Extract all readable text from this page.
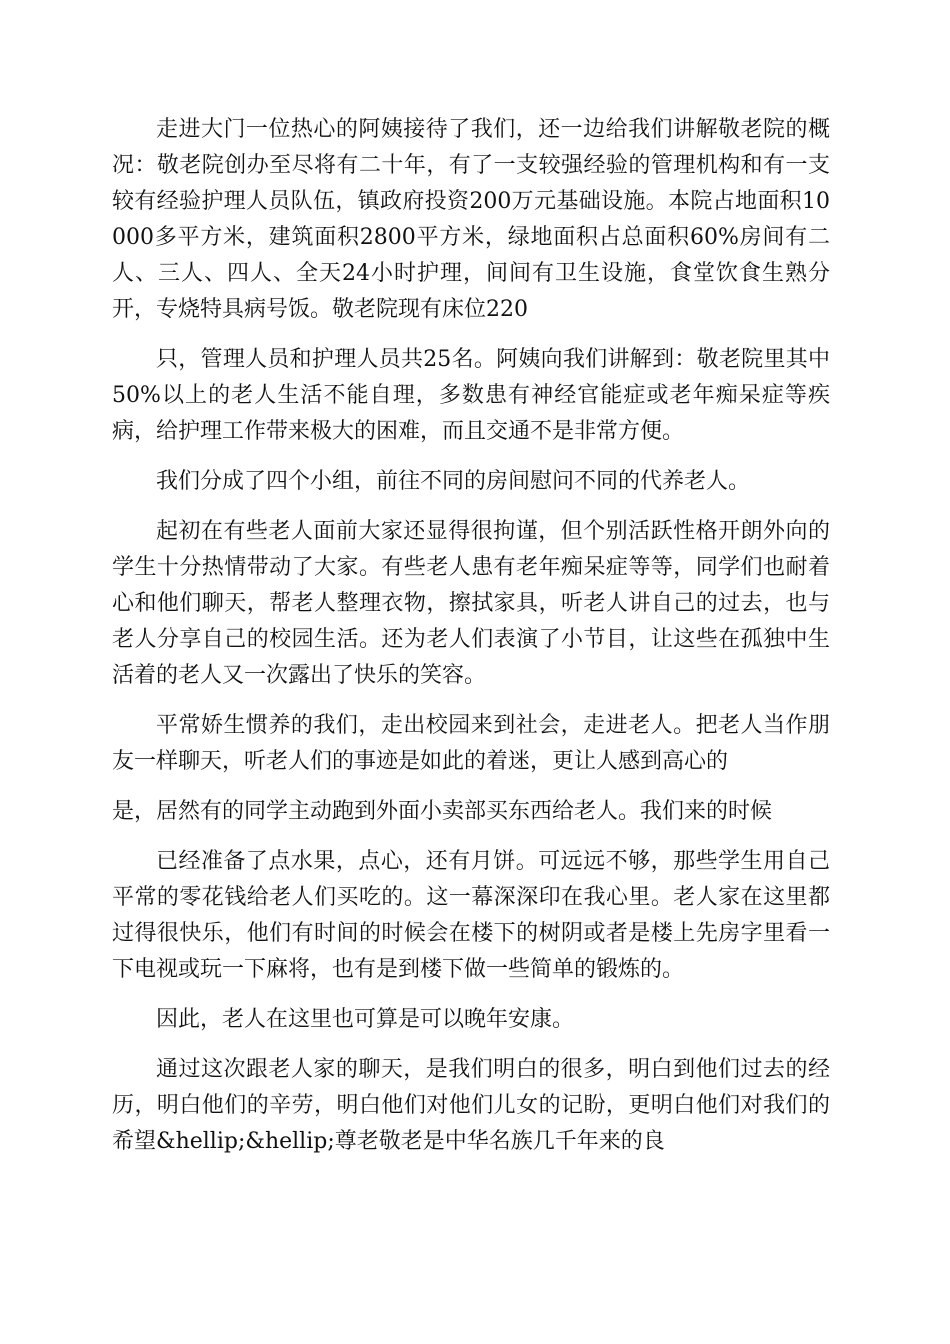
走进大门一位热心的阿姨接待了我们，还一边给我们讲解敬老院的概况：敬老院创办至尽将有二十年，有了一支较强经验的管理机构和有一支较有经验护理人员队伍，镇政府投资200万元基础设施。本院占地面积10000多平方米，建筑面积2800平方米，绿地面积占总面积60%房间有二人、三人、四人、全天24小时护理，间间有卫生设施，食堂饮食生熟分开，专烧特具病号饭。敬老院现有床位220

只，管理人员和护理人员共25名。阿姨向我们讲解到：敬老院里其中50%以上的老人生活不能自理，多数患有神经官能症或老年痴呆症等疾病，给护理工作带来极大的困难，而且交通不是非常方便。

我们分成了四个小组，前往不同的房间慰问不同的代养老人。

起初在有些老人面前大家还显得很拘谨，但个别活跃性格开朗外向的学生十分热情带动了大家。有些老人患有老年痴呆症等等，同学们也耐着心和他们聊天，帮老人整理衣物，擦拭家具，听老人讲自己的过去，也与老人分享自己的校园生活。还为老人们表演了小节目，让这些在孤独中生活着的老人又一次露出了快乐的笑容。

平常娇生惯养的我们，走出校园来到社会，走进老人。把老人当作朋友一样聊天，听老人们的事迹是如此的着迷，更让人感到高心的

是，居然有的同学主动跑到外面小卖部买东西给老人。我们来的时候

已经准备了点水果，点心，还有月饼。可远远不够，那些学生用自己平常的零花钱给老人们买吃的。这一幕深深印在我心里。老人家在这里都过得很快乐，他们有时间的时候会在楼下的树阴或者是楼上先房字里看一下电视或玩一下麻将，也有是到楼下做一些简单的锻炼的。

因此，老人在这里也可算是可以晚年安康。

通过这次跟老人家的聊天，是我们明白的很多，明白到他们过去的经历，明白他们的辛劳，明白他们对他们儿女的记盼，更明白他们对我们的希望&hellip;&hellip;尊老敬老是中华名族几千年来的良
